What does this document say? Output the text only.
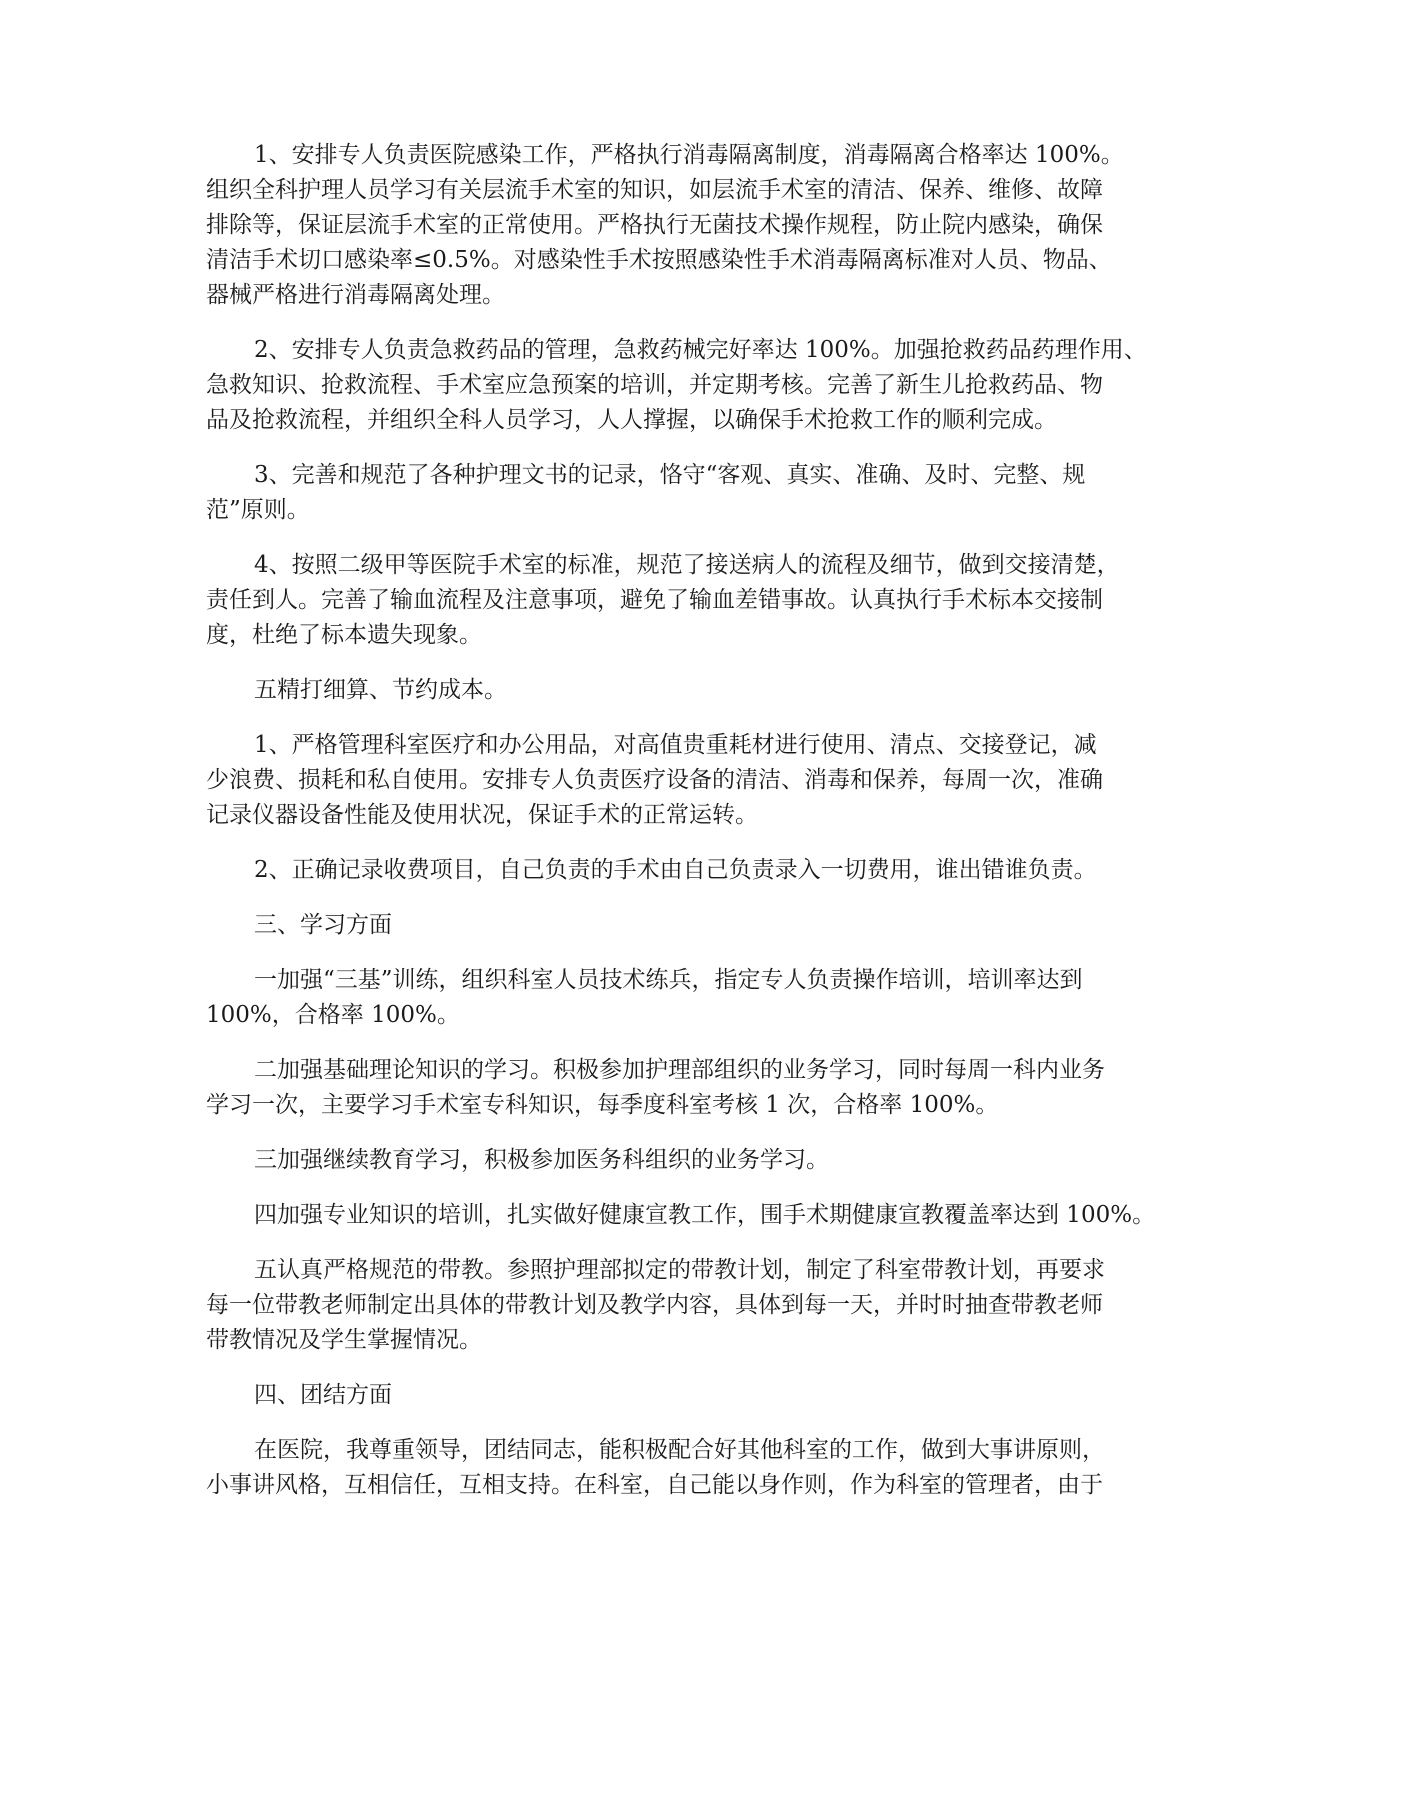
1、安排专人负责医院感染工作，严格执行消毒隔离制度，消毒隔离合格率达 100%。
组织全科护理人员学习有关层流手术室的知识，如层流手术室的清洁、保养、维修、故障
排除等，保证层流手术室的正常使用。严格执行无菌技术操作规程，防止院内感染，确保
清洁手术切口感染率≤0.5%。对感染性手术按照感染性手术消毒隔离标准对人员、物品、
器械严格进行消毒隔离处理。
2、安排专人负责急救药品的管理，急救药械完好率达 100%。加强抢救药品药理作用、
急救知识、抢救流程、手术室应急预案的培训，并定期考核。完善了新生儿抢救药品、物
品及抢救流程，并组织全科人员学习，人人撑握，以确保手术抢救工作的顺利完成。
3、完善和规范了各种护理文书的记录，恪守“客观、真实、准确、及时、完整、规
范”原则。
4、按照二级甲等医院手术室的标准，规范了接送病人的流程及细节，做到交接清楚，
责任到人。完善了输血流程及注意事项，避免了输血差错事故。认真执行手术标本交接制
度，杜绝了标本遗失现象。
五精打细算、节约成本。
1、严格管理科室医疗和办公用品，对高值贵重耗材进行使用、清点、交接登记，减
少浪费、损耗和私自使用。安排专人负责医疗设备的清洁、消毒和保养，每周一次，准确
记录仪器设备性能及使用状况，保证手术的正常运转。
2、正确记录收费项目，自己负责的手术由自己负责录入一切费用，谁出错谁负责。
三、学习方面
一加强“三基”训练，组织科室人员技术练兵，指定专人负责操作培训，培训率达到
100%，合格率 100%。
二加强基础理论知识的学习。积极参加护理部组织的业务学习，同时每周一科内业务
学习一次，主要学习手术室专科知识，每季度科室考核 1 次，合格率 100%。
三加强继续教育学习，积极参加医务科组织的业务学习。
四加强专业知识的培训，扎实做好健康宣教工作，围手术期健康宣教覆盖率达到 100%。
五认真严格规范的带教。参照护理部拟定的带教计划，制定了科室带教计划，再要求
每一位带教老师制定出具体的带教计划及教学内容，具体到每一天，并时时抽查带教老师
带教情况及学生掌握情况。
四、团结方面
在医院，我尊重领导，团结同志，能积极配合好其他科室的工作，做到大事讲原则，
小事讲风格，互相信任，互相支持。在科室，自己能以身作则，作为科室的管理者，由于
